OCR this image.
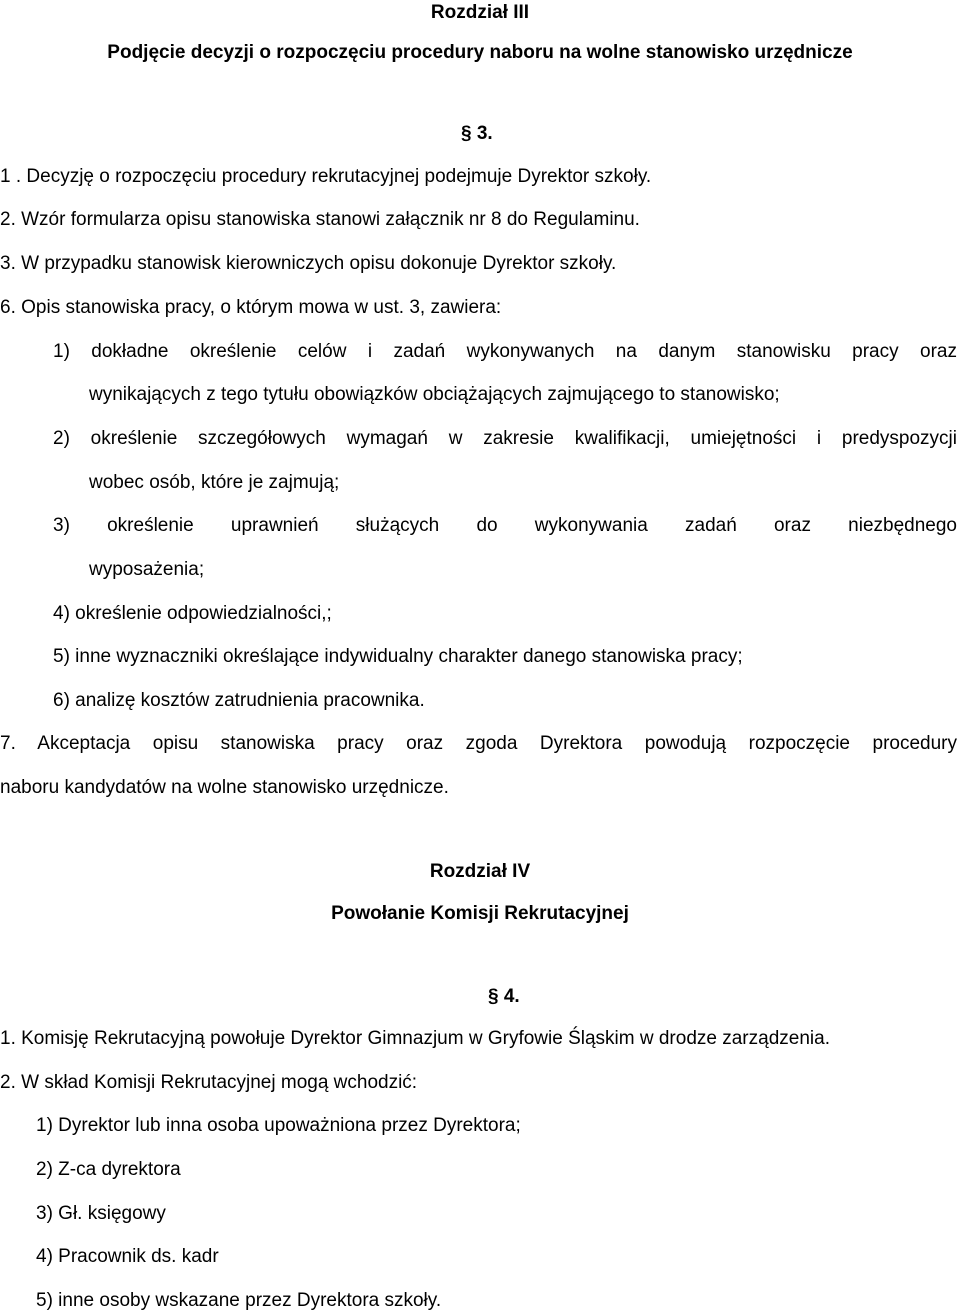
Rozdział III
Podjęcie decyzji o rozpoczęciu procedury naboru na wolne stanowisko urzędnicze
§ 3.
1 . Decyzję o rozpoczęciu procedury rekrutacyjnej podejmuje Dyrektor szkoły.
2. Wzór formularza opisu stanowiska stanowi załącznik nr 8 do Regulaminu.
3. W przypadku stanowisk kierowniczych opisu dokonuje Dyrektor szkoły.
6. Opis stanowiska pracy, o którym mowa w ust. 3, zawiera:
1) dokładne określenie celów i zadań wykonywanych na danym stanowisku pracy oraz
wynikających z tego tytułu obowiązków obciążających zajmującego to stanowisko;
2) określenie szczegółowych wymagań w zakresie kwalifikacji, umiejętności i predyspozycji
wobec osób, które je zajmują;
3) określenie uprawnień służących do wykonywania zadań oraz niezbędnego
wyposażenia;
4) określenie odpowiedzialności,;
5) inne wyznaczniki określające indywidualny charakter danego stanowiska pracy;
6) analizę kosztów zatrudnienia pracownika.
7. Akceptacja opisu stanowiska pracy oraz zgoda Dyrektora powodują rozpoczęcie procedury
naboru kandydatów na wolne stanowisko urzędnicze.
Rozdział IV
Powołanie Komisji Rekrutacyjnej
§ 4.
1. Komisję Rekrutacyjną powołuje Dyrektor Gimnazjum w Gryfowie Śląskim w drodze zarządzenia.
2. W skład Komisji Rekrutacyjnej mogą wchodzić:
1) Dyrektor lub inna osoba upoważniona przez Dyrektora;
2) Z-ca dyrektora
3) Gł. księgowy
4) Pracownik ds. kadr
5) inne osoby wskazane przez Dyrektora szkoły.
